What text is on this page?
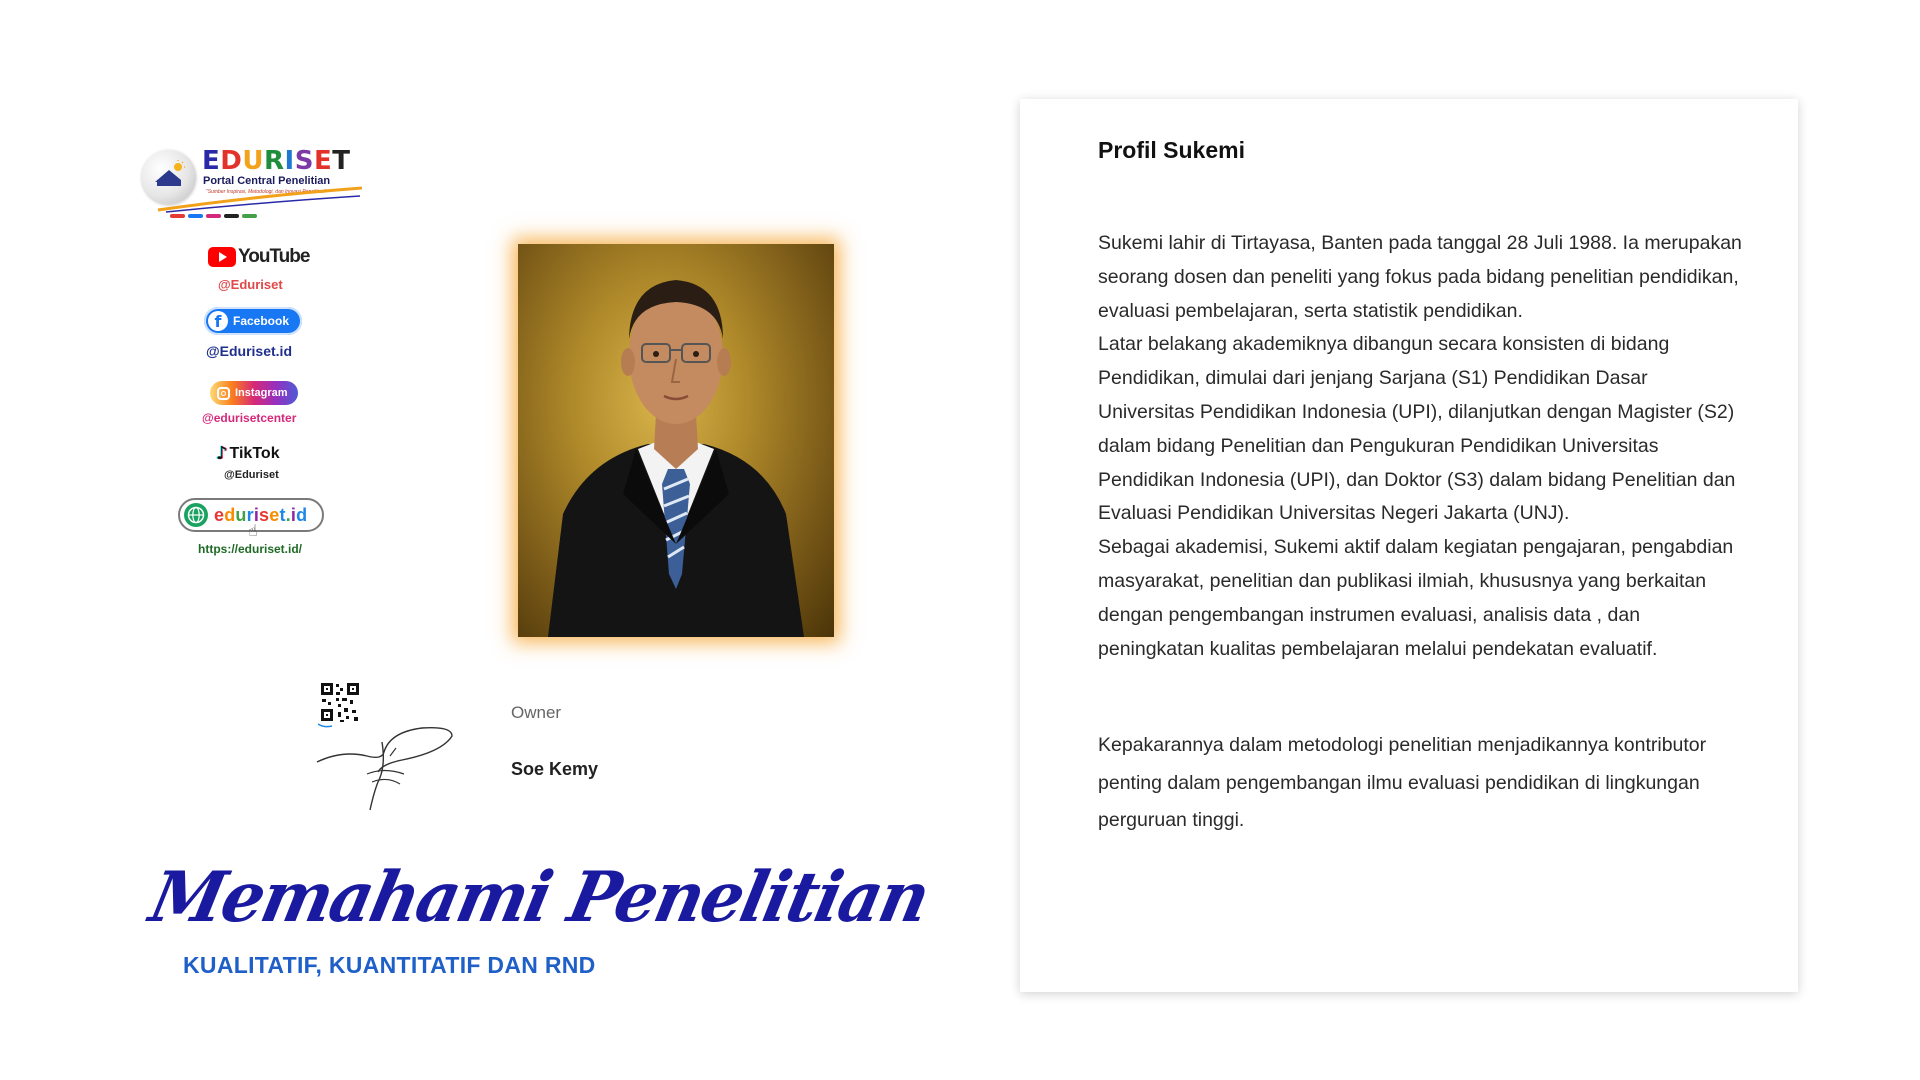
EDURISET
Portal Central Penelitian
"Sumber Inspirasi, Metodologi, dan Inovasi Penelitian"
YouTube
@Eduriset
f Facebook
@Eduriset.id
Instagram
@edurisetcenter
♪ TikTok
@Eduriset
eduriset.id
☝
https://eduriset.id/
Owner
Soe Kemy
Memahami Penelitian
KUALITATIF, KUANTITATIF DAN RND
Profil Sukemi

Sukemi lahir di Tirtayasa, Banten pada tanggal 28 Juli 1988. Ia merupakan seorang dosen dan peneliti yang fokus pada bidang penelitian pendidikan, evaluasi pembelajaran, serta statistik pendidikan.

Latar belakang akademiknya dibangun secara konsisten di bidang Pendidikan, dimulai dari jenjang Sarjana (S1) Pendidikan Dasar Universitas Pendidikan Indonesia (UPI), dilanjutkan dengan Magister (S2) dalam bidang Penelitian dan Pengukuran Pendidikan Universitas Pendidikan Indonesia (UPI), dan Doktor (S3) dalam bidang Penelitian dan Evaluasi Pendidikan Universitas Negeri Jakarta (UNJ).

Sebagai akademisi, Sukemi aktif dalam kegiatan pengajaran, pengabdian masyarakat, penelitian dan publikasi ilmiah, khususnya yang berkaitan dengan pengembangan instrumen evaluasi, analisis data , dan peningkatan kualitas pembelajaran melalui pendekatan evaluatif.

Kepakarannya dalam metodologi penelitian menjadikannya kontributor penting dalam pengembangan ilmu evaluasi pendidikan di lingkungan perguruan tinggi.
